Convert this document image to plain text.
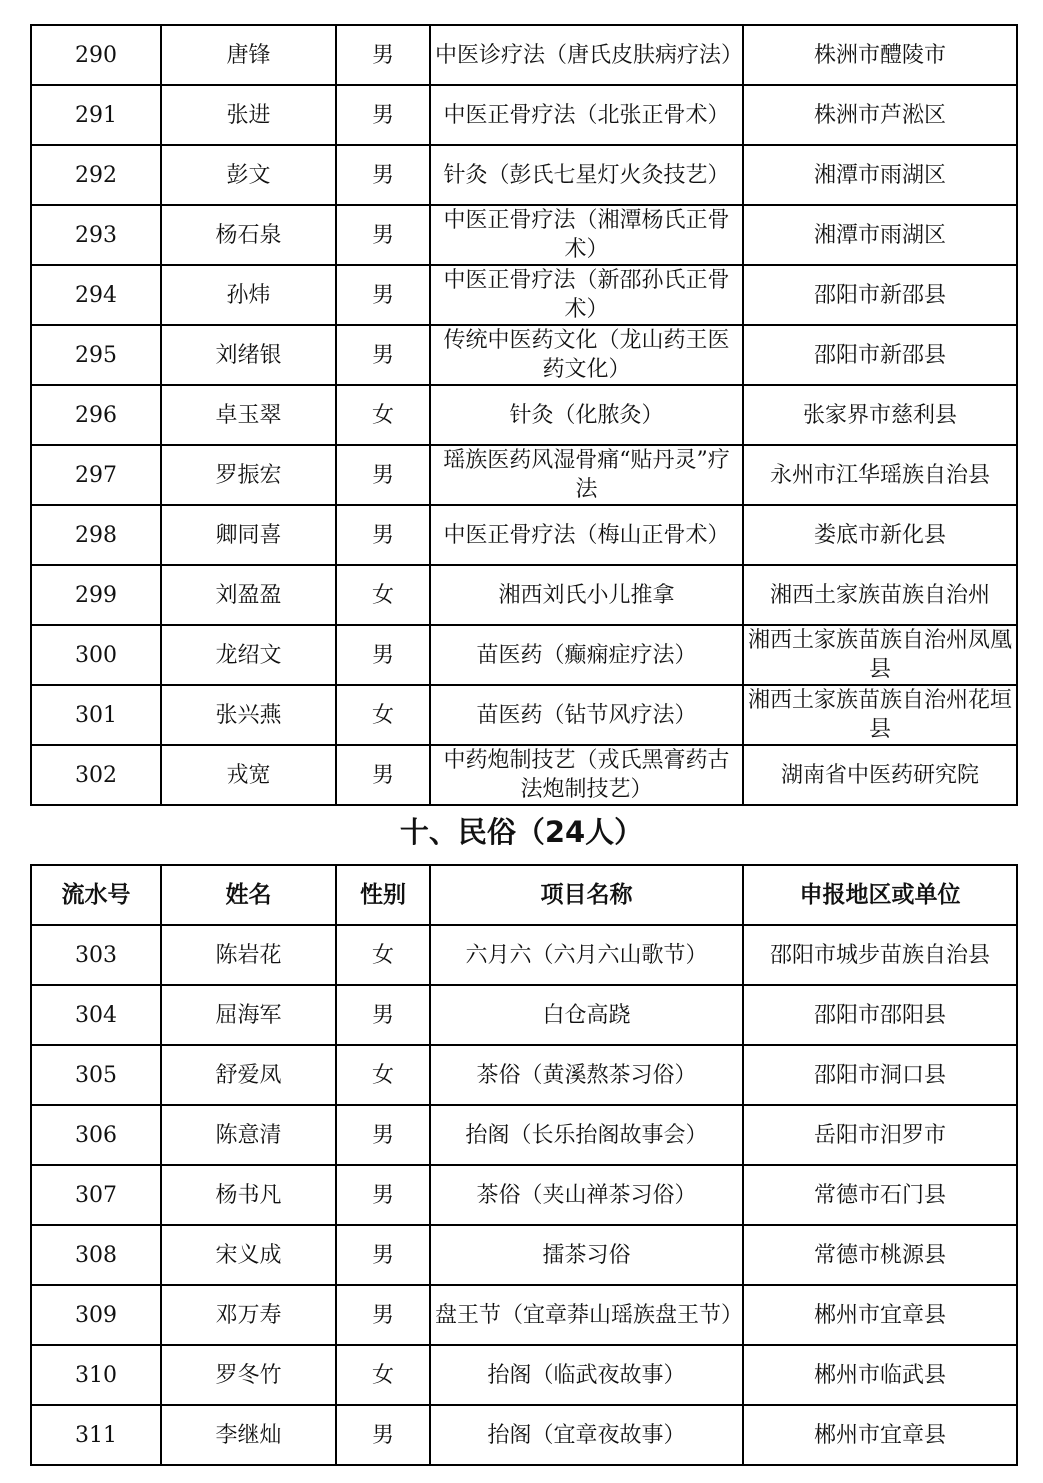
290	唐锋	男	中医诊疗法（唐氏皮肤病疗法）	株洲市醴陵市
291	张进	男	中医正骨疗法（北张正骨术）	株洲市芦淞区
292	彭文	男	针灸（彭氏七星灯火灸技艺）	湘潭市雨湖区
293	杨石泉	男	中医正骨疗法（湘潭杨氏正骨术）	湘潭市雨湖区
294	孙炜	男	中医正骨疗法（新邵孙氏正骨术）	邵阳市新邵县
295	刘绪银	男	传统中医药文化（龙山药王医药文化）	邵阳市新邵县
296	卓玉翠	女	针灸（化脓灸）	张家界市慈利县
297	罗振宏	男	瑶族医药风湿骨痛“贴丹灵”疗法	永州市江华瑶族自治县
298	卿同喜	男	中医正骨疗法（梅山正骨术）	娄底市新化县
299	刘盈盈	女	湘西刘氏小儿推拿	湘西土家族苗族自治州
300	龙绍文	男	苗医药（癫痫症疗法）	湘西土家族苗族自治州凤凰县
301	张兴燕	女	苗医药（钻节风疗法）	湘西土家族苗族自治州花垣县
302	戎宽	男	中药炮制技艺（戎氏黑膏药古法炮制技艺）	湖南省中医药研究院
十、民俗（24人）
流水号	姓名	性别	项目名称	申报地区或单位
303	陈岩花	女	六月六（六月六山歌节）	邵阳市城步苗族自治县
304	屈海军	男	白仓高跷	邵阳市邵阳县
305	舒爱凤	女	茶俗（黄溪熬茶习俗）	邵阳市洞口县
306	陈意清	男	抬阁（长乐抬阁故事会）	岳阳市汨罗市
307	杨书凡	男	茶俗（夹山禅茶习俗）	常德市石门县
308	宋义成	男	擂茶习俗	常德市桃源县
309	邓万寿	男	盘王节（宜章莽山瑶族盘王节）	郴州市宜章县
310	罗冬竹	女	抬阁（临武夜故事）	郴州市临武县
311	李继灿	男	抬阁（宜章夜故事）	郴州市宜章县
